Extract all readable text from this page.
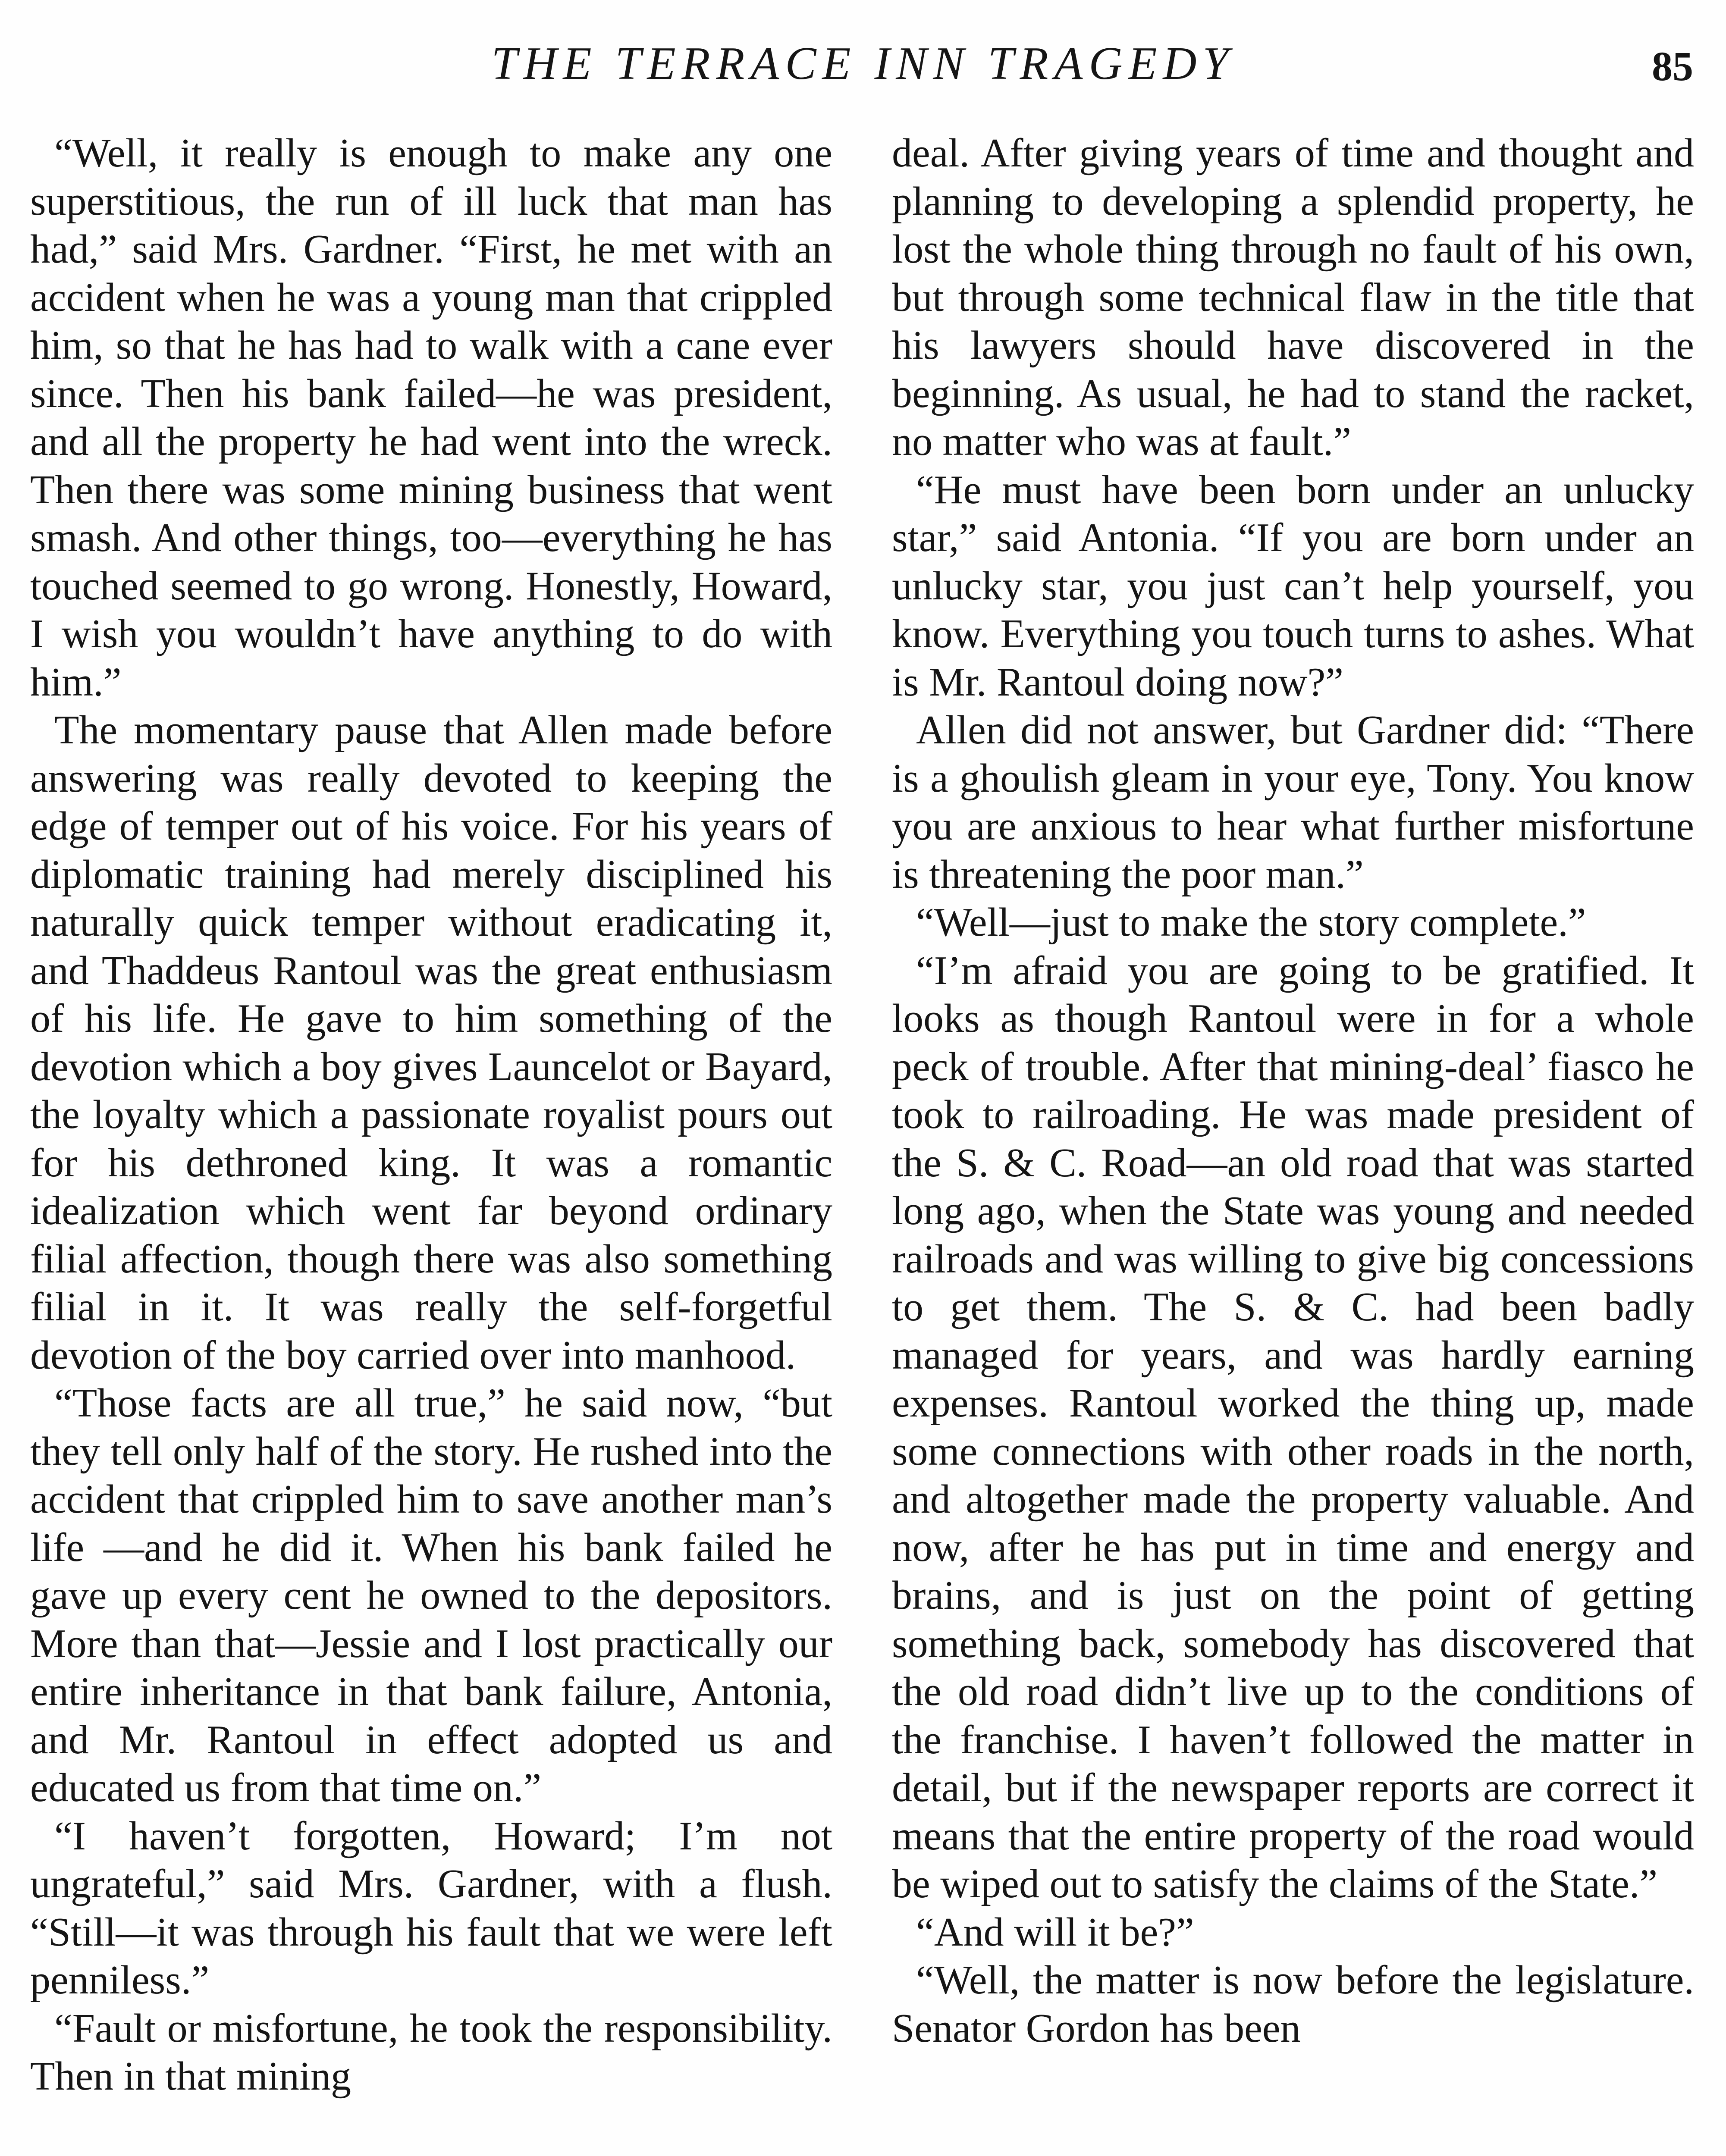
THE TERRACE INN TRAGEDY	85

“Well, it really is enough to make any one superstitious, the run of ill luck that man has had,” said Mrs. Gardner. “First, he met with an accident when he was a young man that crippled him, so that he has had to walk with a cane ever since. Then his bank failed—he was president, and all the property he had went into the wreck. Then there was some mining business that went smash. And other things, too—everything he has touched seemed to go wrong. Honestly, Howard, I wish you wouldn’t have anything to do with him.”

The momentary pause that Allen made before answering was really devoted to keeping the edge of temper out of his voice. For his years of diplomatic training had merely disciplined his naturally quick temper without eradicating it, and Thaddeus Rantoul was the great enthusiasm of his life. He gave to him something of the devotion which a boy gives Launcelot or Bayard, the loyalty which a passionate royalist pours out for his dethroned king. It was a romantic idealization which went far beyond ordinary filial affection, though there was also something filial in it. It was really the self-forgetful devotion of the boy carried over into manhood.

“Those facts are all true,” he said now, “but they tell only half of the story. He rushed into the accident that crippled him to save another man’s life —and he did it. When his bank failed he gave up every cent he owned to the depositors. More than that—Jessie and I lost practically our entire inheritance in that bank failure, Antonia, and Mr. Rantoul in effect adopted us and educated us from that time on.”

“I haven’t forgotten, Howard; I’m not ungrateful,” said Mrs. Gardner, with a flush. “Still—it was through his fault that we were left penniless.”

“Fault or misfortune, he took the responsibility. Then in that mining

deal. After giving years of time and thought and planning to developing a splendid property, he lost the whole thing through no fault of his own, but through some technical flaw in the title that his lawyers should have discovered in the beginning. As usual, he had to stand the racket, no matter who was at fault.”

“He must have been born under an unlucky star,” said Antonia. “If you are born under an unlucky star, you just can’t help yourself, you know. Everything you touch turns to ashes. What is Mr. Rantoul doing now?”

Allen did not answer, but Gardner did: “There is a ghoulish gleam in your eye, Tony. You know you are anxious to hear what further misfortune is threatening the poor man.”

“Well—just to make the story complete.”

“I’m afraid you are going to be gratified. It looks as though Rantoul were in for a whole peck of trouble. After that mining-deal’ fiasco he took to railroading. He was made president of the S. & C. Road—an old road that was started long ago, when the State was young and needed railroads and was willing to give big concessions to get them. The S. & C. had been badly managed for years, and was hardly earning expenses. Rantoul worked the thing up, made some connections with other roads in the north, and altogether made the property valuable. And now, after he has put in time and energy and brains, and is just on the point of getting something back, somebody has discovered that the old road didn’t live up to the conditions of the franchise. I haven’t followed the matter in detail, but if the newspaper reports are correct it means that the entire property of the road would be wiped out to satisfy the claims of the State.”

“And will it be?”

“Well, the matter is now before the legislature. Senator Gordon has been
